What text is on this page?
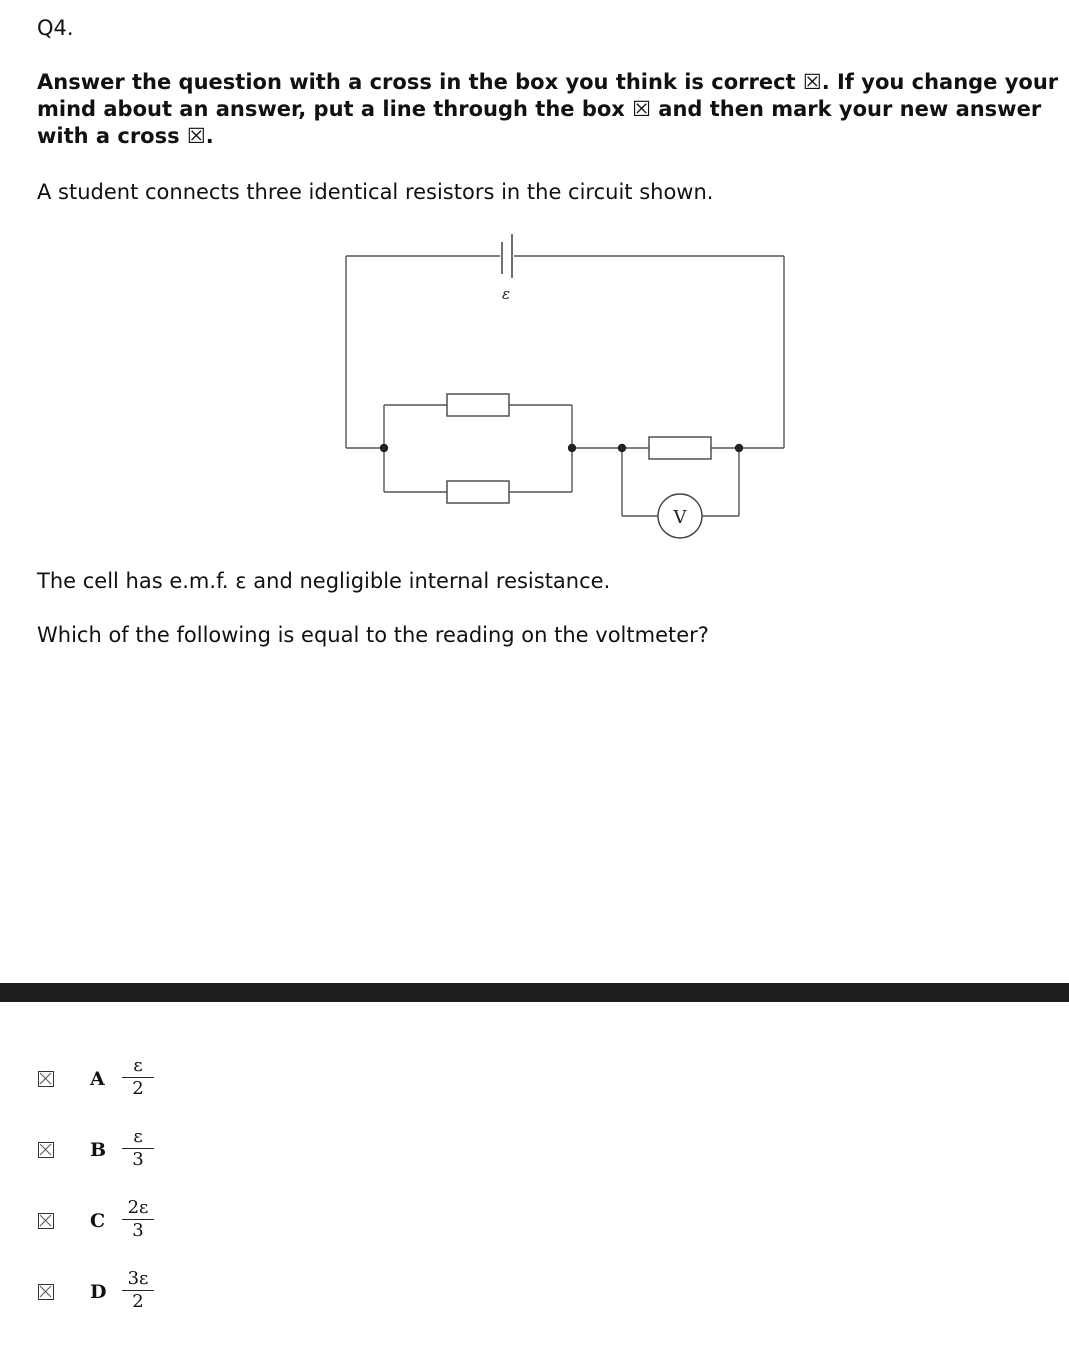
Q4.
Answer the question with a cross in the box you think is correct ☒. If you change your
mind about an answer, put a line through the box ☒ and then mark your new answer
with a cross ☒.
A student connects three identical resistors in the circuit shown.
ε
V
The cell has e.m.f. ε and negligible internal resistance.
Which of the following is equal to the reading on the voltmeter?
A
ε
2
B
ε
3
C
2ε
3
D
3ε
2
